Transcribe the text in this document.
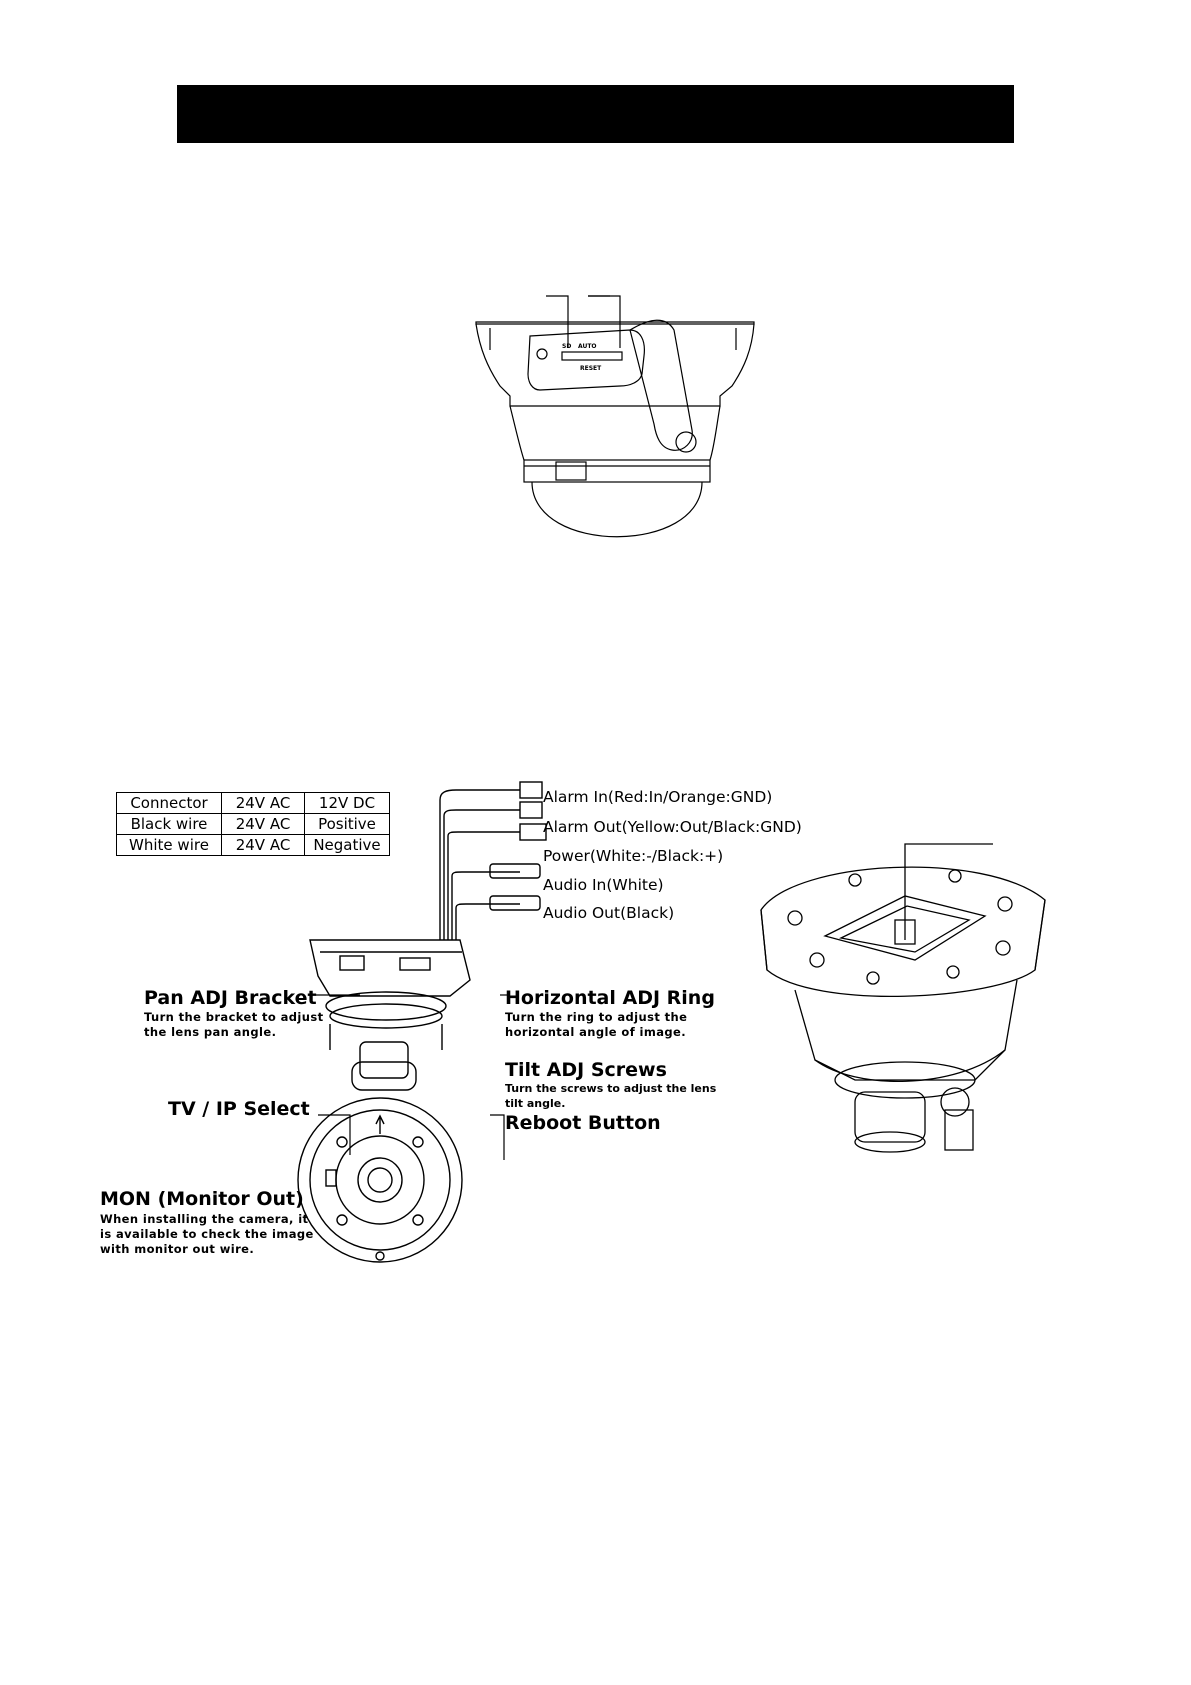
SD AUTO
RESET
Connector	24V AC	12V DC
Black wire	24V AC	Positive
White wire	24V AC	Negative
Alarm In(Red:In/Orange:GND)
Alarm Out(Yellow:Out/Black:GND)
Power(White:-/Black:+)
Audio In(White)
Audio Out(Black)
Pan ADJ Bracket
Turn the bracket to adjust
the lens pan angle.
Horizontal ADJ Ring
Turn the ring to adjust the
horizontal angle of image.
Tilt ADJ Screws
Turn the screws to adjust the lens
tilt angle.
TV / IP Select
Reboot Button
MON (Monitor Out)
When installing the camera, it
is available to check the image
with monitor out wire.
